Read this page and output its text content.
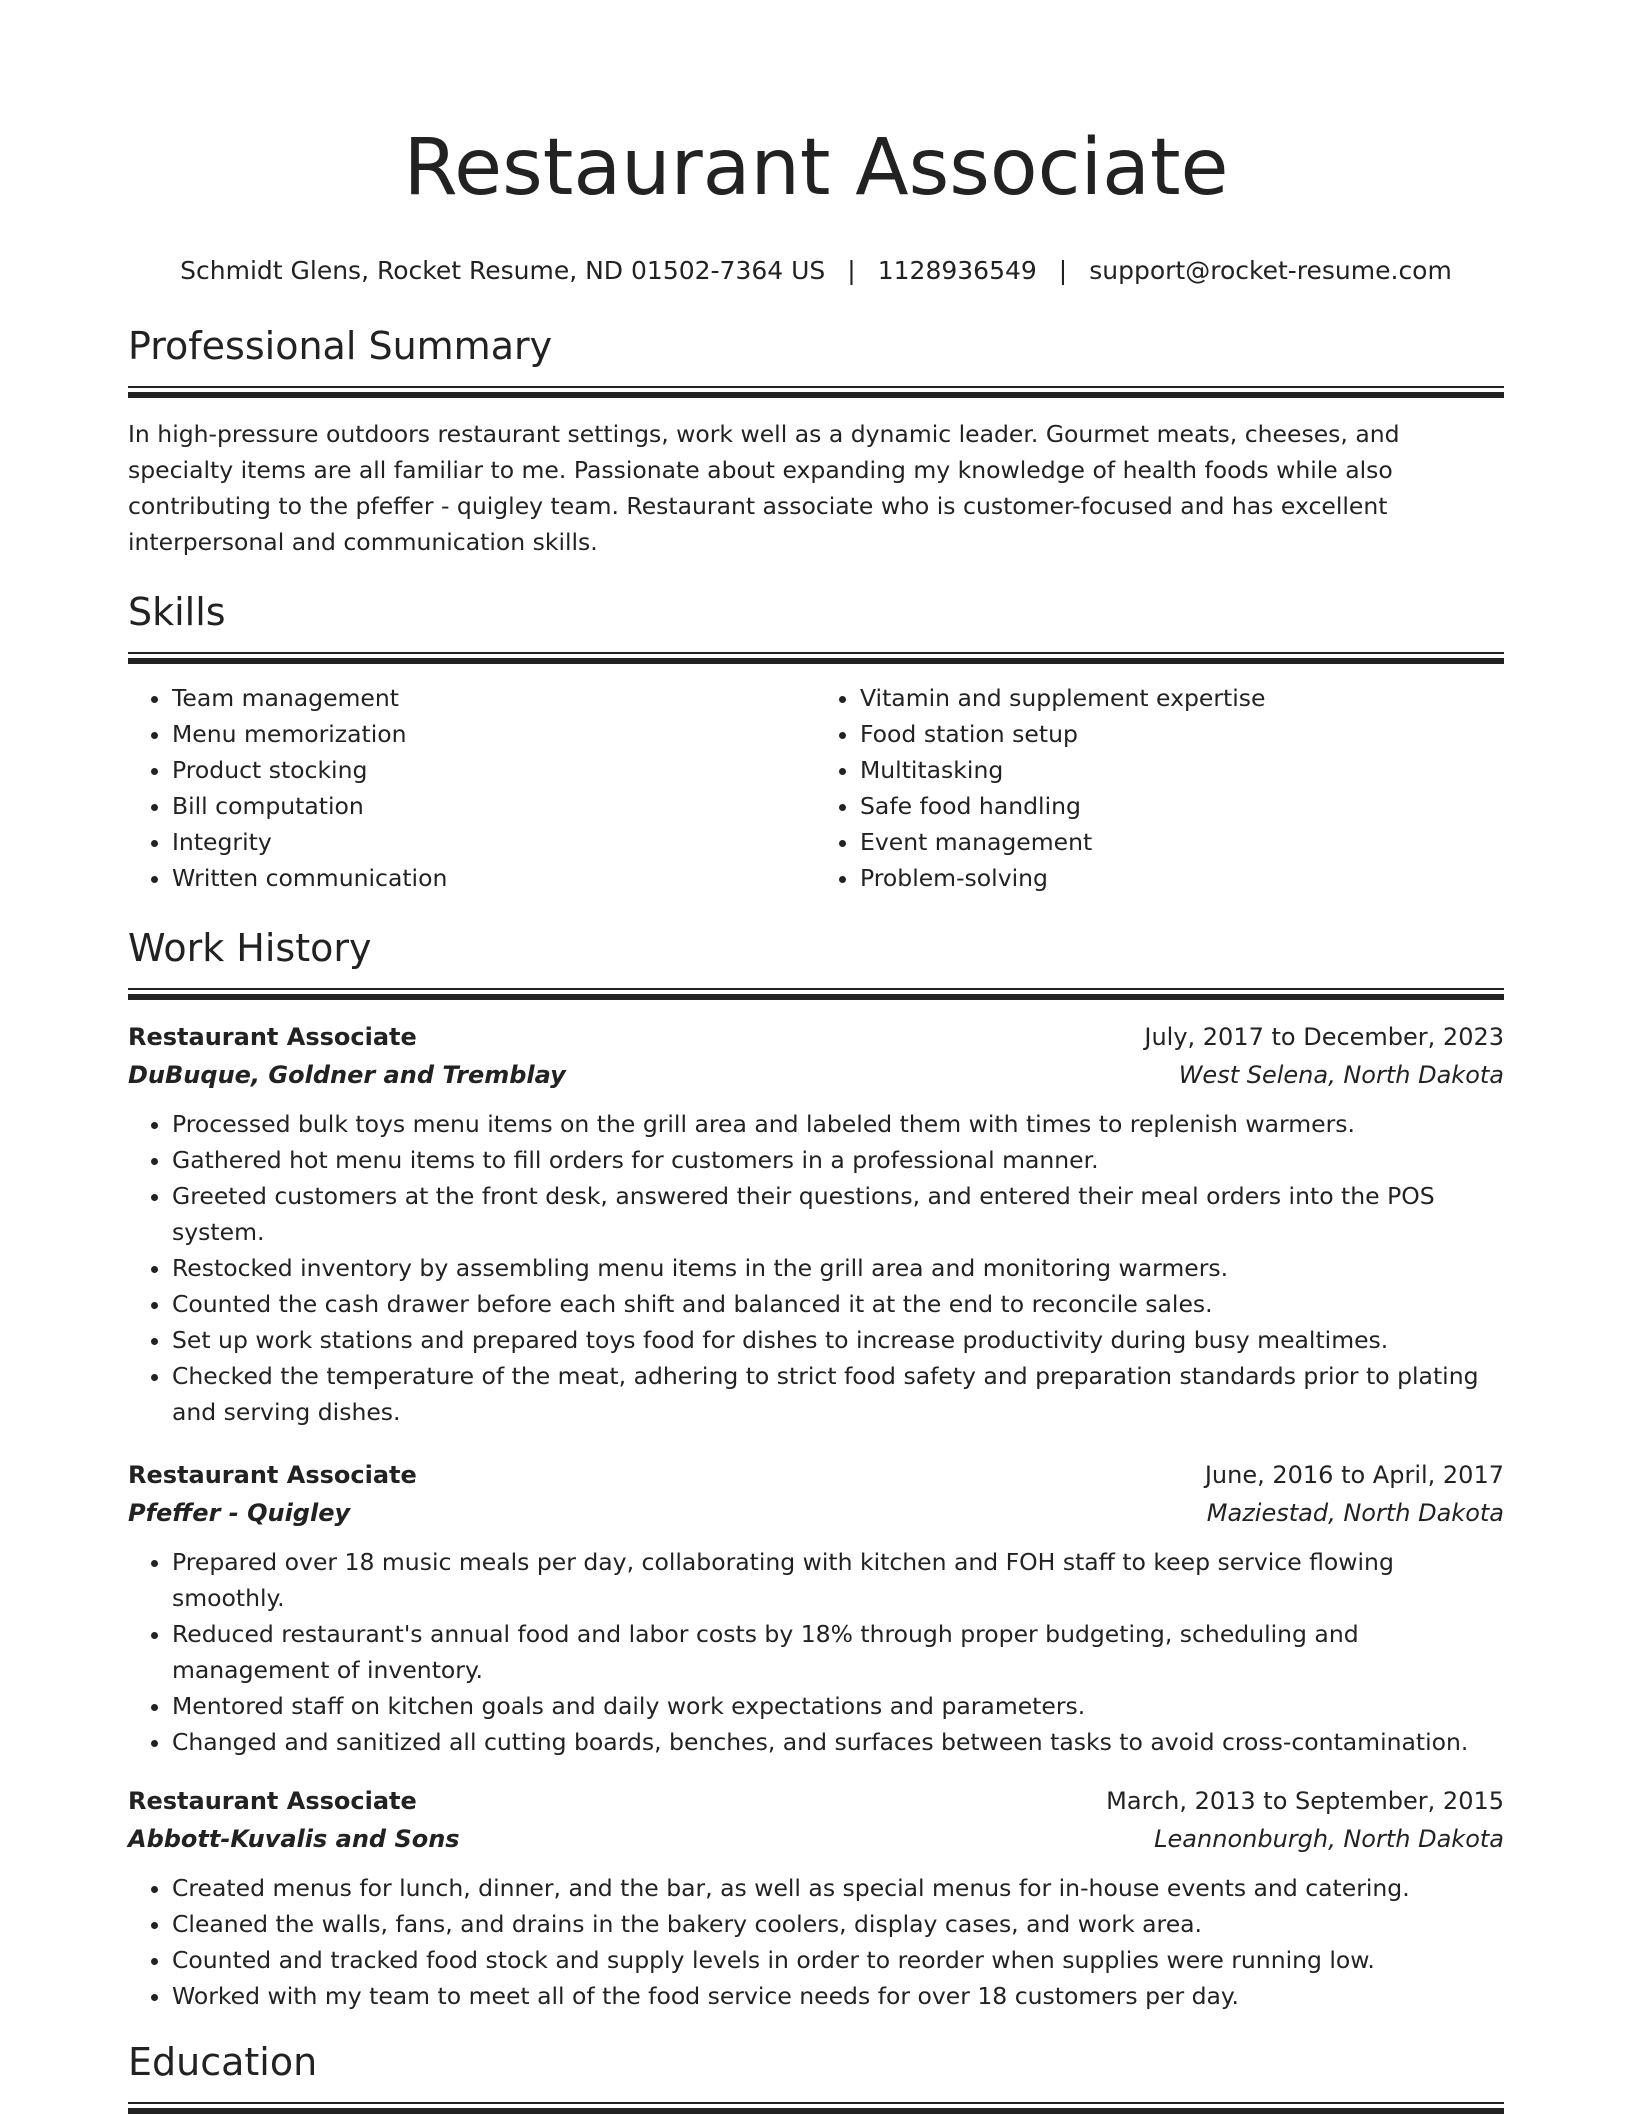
Restaurant Associate
Schmidt Glens, Rocket Resume, ND 01502-7364 US | 1128936549 | support@rocket-resume.com
Professional Summary

In high-pressure outdoors restaurant settings, work well as a dynamic leader. Gourmet meats, cheeses, and specialty items are all familiar to me. Passionate about expanding my knowledge of health foods while also contributing to the pfeffer - quigley team. Restaurant associate who is customer-focused and has excellent interpersonal and communication skills.

Skills
• Team management
• Menu memorization
• Product stocking
• Bill computation
• Integrity
• Written communication
• Vitamin and supplement expertise
• Food station setup
• Multitasking
• Safe food handling
• Event management
• Problem-solving
Work History
Restaurant Associate	July, 2017 to December, 2023
DuBuque, Goldner and Tremblay	West Selena, North Dakota
• Processed bulk toys menu items on the grill area and labeled them with times to replenish warmers.
• Gathered hot menu items to fill orders for customers in a professional manner.
• Greeted customers at the front desk, answered their questions, and entered their meal orders into the POS system.
• Restocked inventory by assembling menu items in the grill area and monitoring warmers.
• Counted the cash drawer before each shift and balanced it at the end to reconcile sales.
• Set up work stations and prepared toys food for dishes to increase productivity during busy mealtimes.
• Checked the temperature of the meat, adhering to strict food safety and preparation standards prior to plating and serving dishes.
Restaurant Associate	June, 2016 to April, 2017
Pfeffer - Quigley	Maziestad, North Dakota
• Prepared over 18 music meals per day, collaborating with kitchen and FOH staff to keep service flowing smoothly.
• Reduced restaurant's annual food and labor costs by 18% through proper budgeting, scheduling and management of inventory.
• Mentored staff on kitchen goals and daily work expectations and parameters.
• Changed and sanitized all cutting boards, benches, and surfaces between tasks to avoid cross-contamination.
Restaurant Associate	March, 2013 to September, 2015
Abbott-Kuvalis and Sons	Leannonburgh, North Dakota
• Created menus for lunch, dinner, and the bar, as well as special menus for in-house events and catering.
• Cleaned the walls, fans, and drains in the bakery coolers, display cases, and work area.
• Counted and tracked food stock and supply levels in order to reorder when supplies were running low.
• Worked with my team to meet all of the food service needs for over 18 customers per day.
Education
